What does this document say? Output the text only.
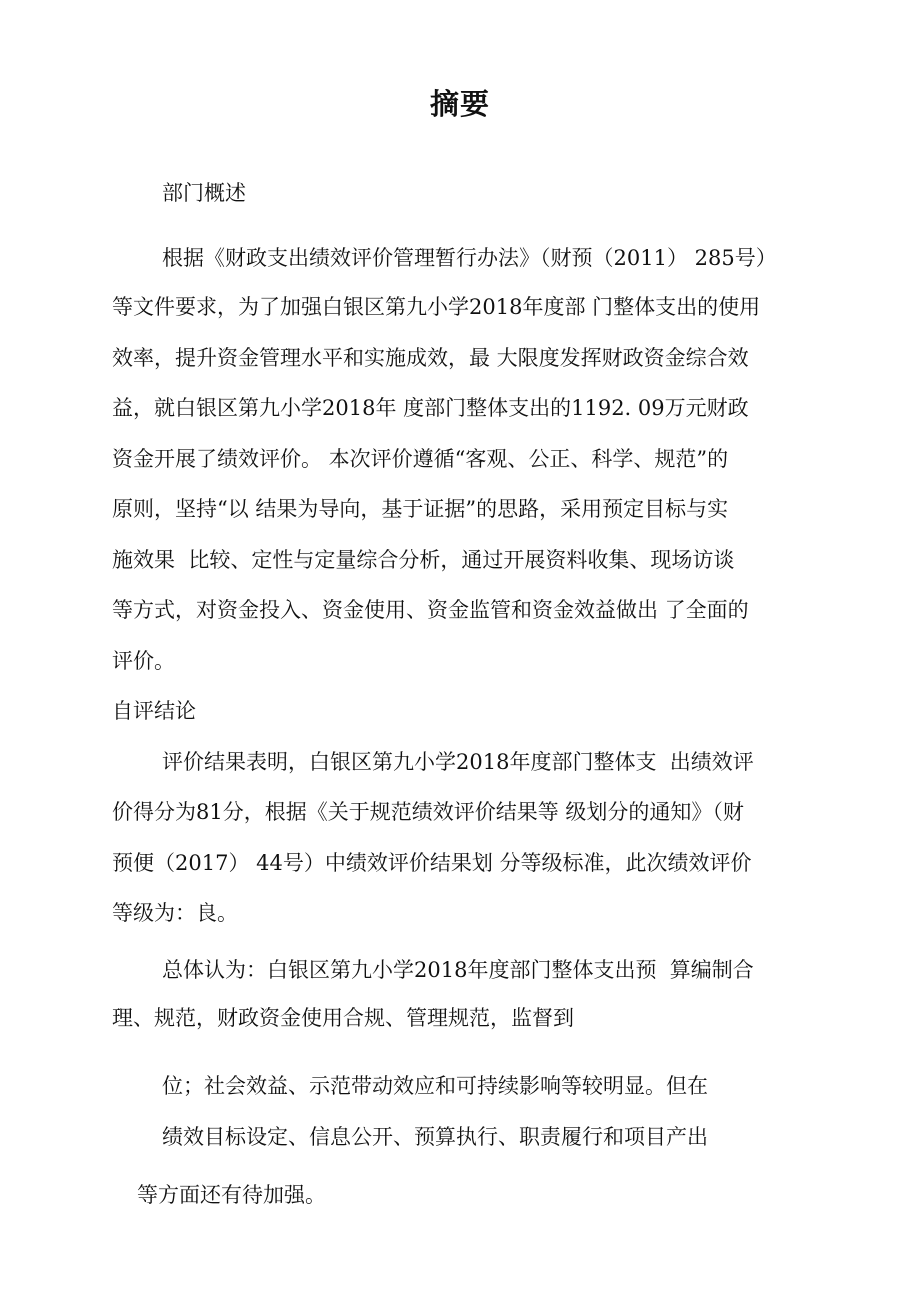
摘要
部门概述
根据《财政支出绩效评价管理暂行办法》（财预（2011） 285号）
等文件要求，为了加强白银区第九小学2018年度部 门整体支出的使用
效率，提升资金管理水平和实施成效，最 大限度发挥财政资金综合效
益，就白银区第九小学2018年 度部门整体支出的1192. 09万元财政
资金开展了绩效评价。 本次评价遵循“客观、公正、科学、规范”的
原则，坚持“以 结果为导向，基于证据”的思路，采用预定目标与实
施效果  比较、定性与定量综合分析，通过开展资料收集、现场访谈
等方式，对资金投入、资金使用、资金监管和资金效益做出 了全面的
评价。
自评结论
评价结果表明，白银区第九小学2018年度部门整体支  出绩效评
价得分为81分，根据《关于规范绩效评价结果等 级划分的通知》（财
预便（2017） 44号）中绩效评价结果划 分等级标准，此次绩效评价
等级为：良。
总体认为：白银区第九小学2018年度部门整体支出预  算编制合
理、规范，财政资金使用合规、管理规范，监督到
位；社会效益、示范带动效应和可持续影响等较明显。但在
绩效目标设定、信息公开、预算执行、职责履行和项目产出
等方面还有待加强。
